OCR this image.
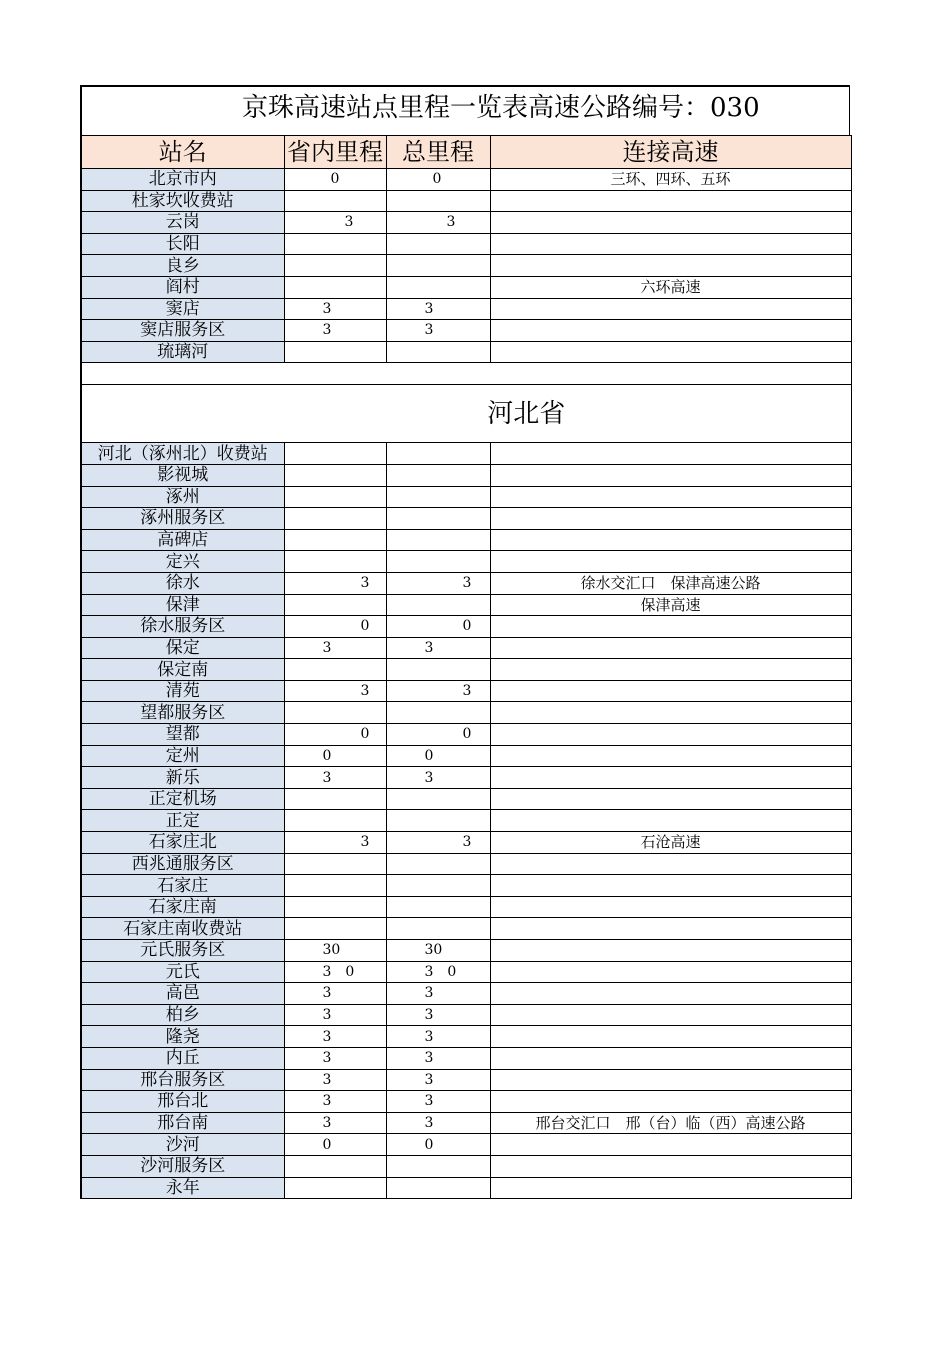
京珠高速站点里程一览表高速公路编号：030
站名	省内里程	总里程	连接高速
北京市内	0	0	三环、四环、五环
杜家坎收费站			
云岗	3	3	
长阳			
良乡			
阎村			六环高速
窦店	3	3	
窦店服务区	3	3	
琉璃河			

河北省			
河北（涿州北）收费站			
影视城			
涿州			
涿州服务区			
高碑店			
定兴			
徐水	3	3	徐水交汇口　保津高速公路
保津			保津高速
徐水服务区	0	0	
保定	3	3	
保定南			
清苑	3	3	
望都服务区			
望都	0	0	
定州	0	0	
新乐	3	3	
正定机场			
正定			
石家庄北	3	3	石沧高速
西兆通服务区			
石家庄			
石家庄南			
石家庄南收费站			
元氏服务区	30	30	
元氏	3　0	3　0	
高邑	3	3	
柏乡	3	3	
隆尧	3	3	
内丘	3	3	
邢台服务区	3	3	
邢台北	3	3	
邢台南	3	3	邢台交汇口　邢（台）临（西）高速公路
沙河	0	0	
沙河服务区			
永年			
